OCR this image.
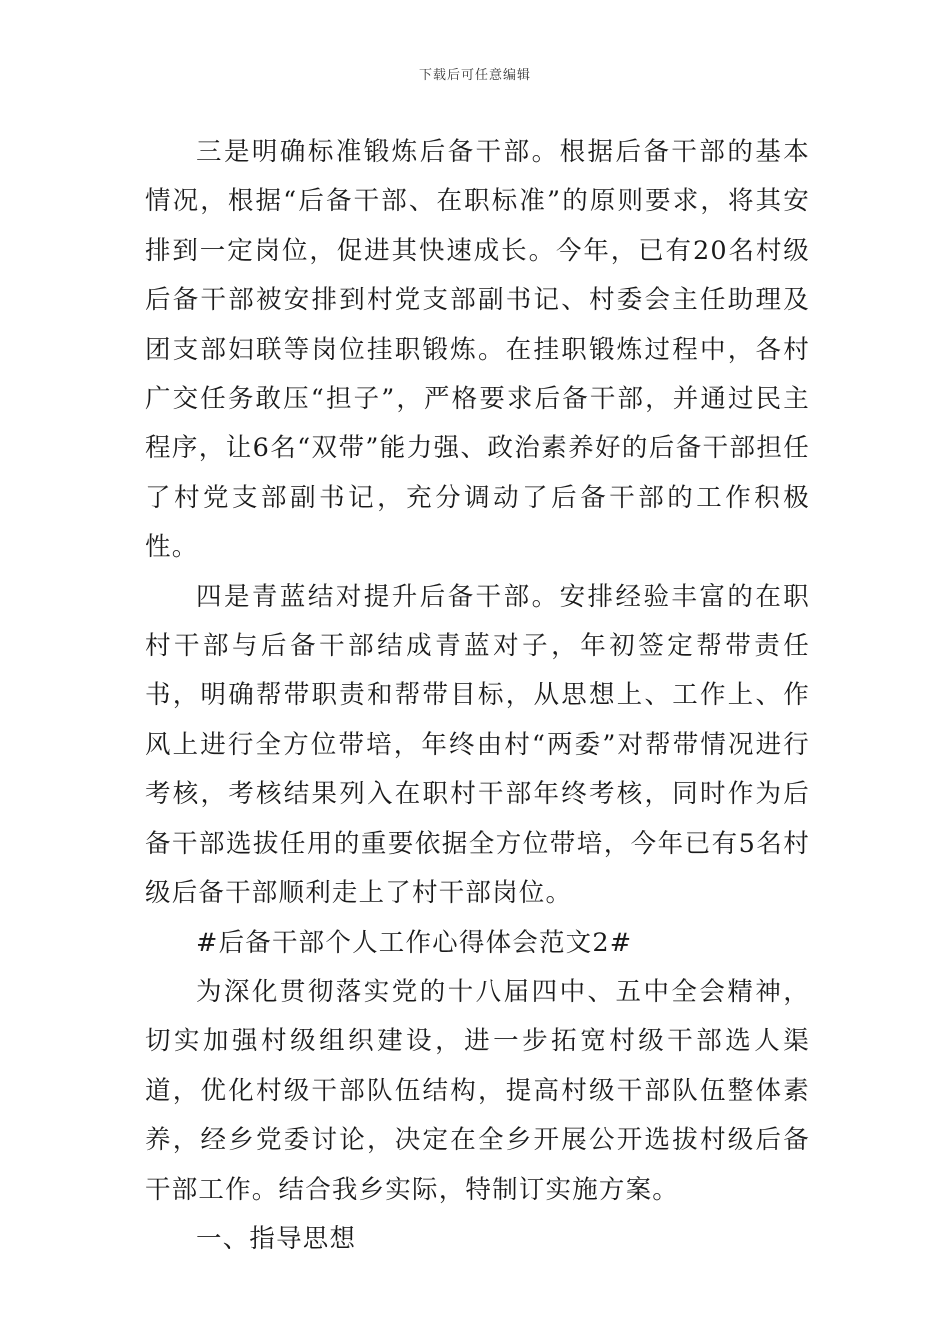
下载后可任意编辑

三是明确标准锻炼后备干部。根据后备干部的基本情况，根据“后备干部、在职标准”的原则要求，将其安排到一定岗位，促进其快速成长。今年，已有20名村级后备干部被安排到村党支部副书记、村委会主任助理及团支部妇联等岗位挂职锻炼。在挂职锻炼过程中，各村广交任务敢压“担子”，严格要求后备干部，并通过民主程序，让6名“双带”能力强、政治素养好的后备干部担任了村党支部副书记，充分调动了后备干部的工作积极性。

四是青蓝结对提升后备干部。安排经验丰富的在职村干部与后备干部结成青蓝对子，年初签定帮带责任书，明确帮带职责和帮带目标，从思想上、工作上、作风上进行全方位带培，年终由村“两委”对帮带情况进行考核，考核结果列入在职村干部年终考核，同时作为后备干部选拔任用的重要依据全方位带培，今年已有5名村级后备干部顺利走上了村干部岗位。

#后备干部个人工作心得体会范文2#

为深化贯彻落实党的十八届四中、五中全会精神，切实加强村级组织建设，进一步拓宽村级干部选人渠道，优化村级干部队伍结构，提高村级干部队伍整体素养，经乡党委讨论，决定在全乡开展公开选拔村级后备干部工作。结合我乡实际，特制订实施方案。

一、指导思想
